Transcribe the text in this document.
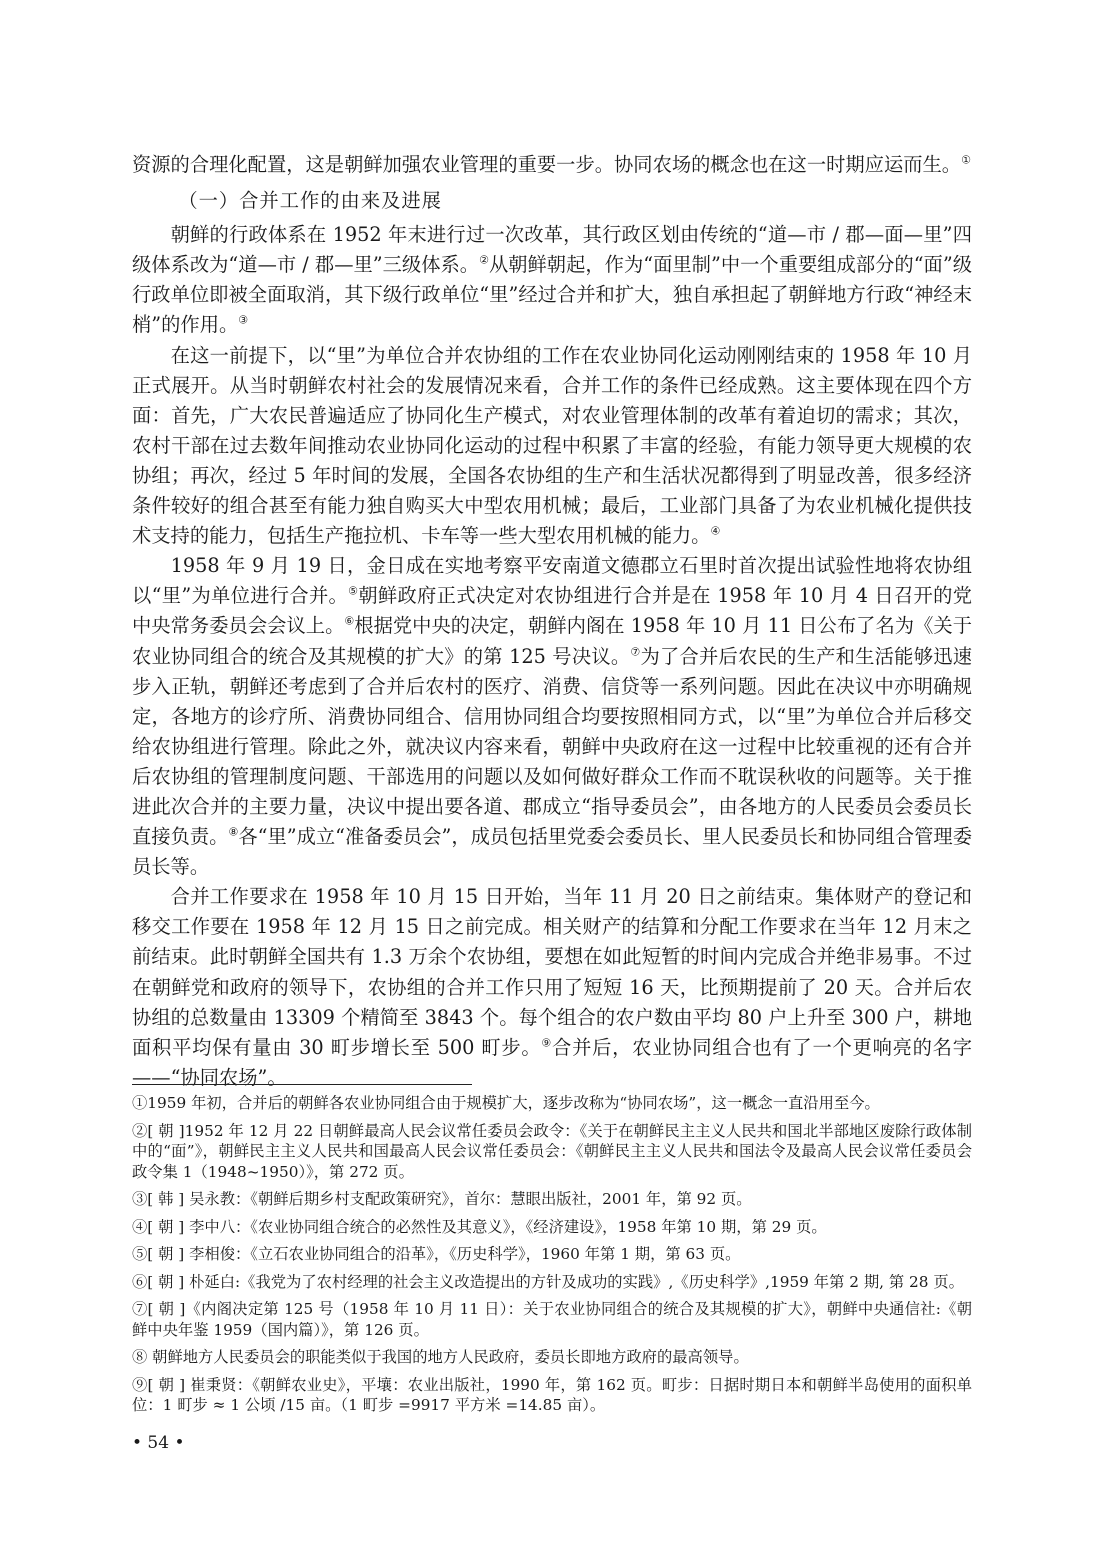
资源的合理化配置，这是朝鲜加强农业管理的重要一步。协同农场的概念也在这一时期应运而生。①

（一）合并工作的由来及进展

朝鲜的行政体系在 1952 年末进行过一次改革，其行政区划由传统的“道—市 / 郡—面—里”四级体系改为“道—市 / 郡—里”三级体系。②从朝鲜朝起，作为“面里制”中一个重要组成部分的“面”级行政单位即被全面取消，其下级行政单位“里”经过合并和扩大，独自承担起了朝鲜地方行政“神经末梢”的作用。③

在这一前提下，以“里”为单位合并农协组的工作在农业协同化运动刚刚结束的 1958 年 10 月正式展开。从当时朝鲜农村社会的发展情况来看，合并工作的条件已经成熟。这主要体现在四个方面：首先，广大农民普遍适应了协同化生产模式，对农业管理体制的改革有着迫切的需求；其次，农村干部在过去数年间推动农业协同化运动的过程中积累了丰富的经验，有能力领导更大规模的农协组；再次，经过 5 年时间的发展，全国各农协组的生产和生活状况都得到了明显改善，很多经济条件较好的组合甚至有能力独自购买大中型农用机械；最后，工业部门具备了为农业机械化提供技术支持的能力，包括生产拖拉机、卡车等一些大型农用机械的能力。④

1958 年 9 月 19 日，金日成在实地考察平安南道文德郡立石里时首次提出试验性地将农协组以“里”为单位进行合并。⑤朝鲜政府正式决定对农协组进行合并是在 1958 年 10 月 4 日召开的党中央常务委员会会议上。⑥根据党中央的决定，朝鲜内阁在 1958 年 10 月 11 日公布了名为《关于农业协同组合的统合及其规模的扩大》的第 125 号决议。⑦为了合并后农民的生产和生活能够迅速步入正轨，朝鲜还考虑到了合并后农村的医疗、消费、信贷等一系列问题。因此在决议中亦明确规定，各地方的诊疗所、消费协同组合、信用协同组合均要按照相同方式，以“里”为单位合并后移交给农协组进行管理。除此之外，就决议内容来看，朝鲜中央政府在这一过程中比较重视的还有合并后农协组的管理制度问题、干部选用的问题以及如何做好群众工作而不耽误秋收的问题等。关于推进此次合并的主要力量，决议中提出要各道、郡成立“指导委员会”，由各地方的人民委员会委员长直接负责。⑧各“里”成立“准备委员会”，成员包括里党委会委员长、里人民委员长和协同组合管理委员长等。

合并工作要求在 1958 年 10 月 15 日开始，当年 11 月 20 日之前结束。集体财产的登记和移交工作要在 1958 年 12 月 15 日之前完成。相关财产的结算和分配工作要求在当年 12 月末之前结束。此时朝鲜全国共有 1.3 万余个农协组，要想在如此短暂的时间内完成合并绝非易事。不过在朝鲜党和政府的领导下，农协组的合并工作只用了短短 16 天，比预期提前了 20 天。合并后农协组的总数量由 13309 个精简至 3843 个。每个组合的农户数由平均 80 户上升至 300 户，耕地面积平均保有量由 30 町步增长至 500 町步。⑨合并后，农业协同组合也有了一个更响亮的名字——“协同农场”。

①1959 年初，合并后的朝鲜各农业协同组合由于规模扩大，逐步改称为“协同农场”，这一概念一直沿用至今。

②[ 朝 ]1952 年 12 月 22 日朝鲜最高人民会议常任委员会政令：《关于在朝鲜民主主义人民共和国北半部地区废除行政体制中的“面”》，朝鲜民主主义人民共和国最高人民会议常任委员会：《朝鲜民主主义人民共和国法令及最高人民会议常任委员会政令集 1（1948~1950）》，第 272 页。

③[ 韩 ] 吴永教：《朝鲜后期乡村支配政策研究》，首尔：慧眼出版社，2001 年，第 92 页。

④[ 朝 ] 李中八：《农业协同组合统合的必然性及其意义》，《经济建设》，1958 年第 10 期，第 29 页。

⑤[ 朝 ] 李相俊：《立石农业协同组合的沿革》，《历史科学》，1960 年第 1 期，第 63 页。

⑥[ 朝 ] 朴延白:《我党为了农村经理的社会主义改造提出的方针及成功的实践》,《历史科学》,1959 年第 2 期, 第 28 页。

⑦[ 朝 ]《内阁决定第 125 号（1958 年 10 月 11 日）：关于农业协同组合的统合及其规模的扩大》，朝鲜中央通信社:《朝鲜中央年鉴 1959（国内篇）》，第 126 页。

⑧ 朝鲜地方人民委员会的职能类似于我国的地方人民政府，委员长即地方政府的最高领导。

⑨[ 朝 ] 崔秉贤：《朝鲜农业史》，平壤：农业出版社，1990 年，第 162 页。町步：日据时期日本和朝鲜半岛使用的面积单位：1 町步 ≈ 1 公顷 /15 亩。（1 町步 =9917 平方米 =14.85 亩）。

• 54 •
